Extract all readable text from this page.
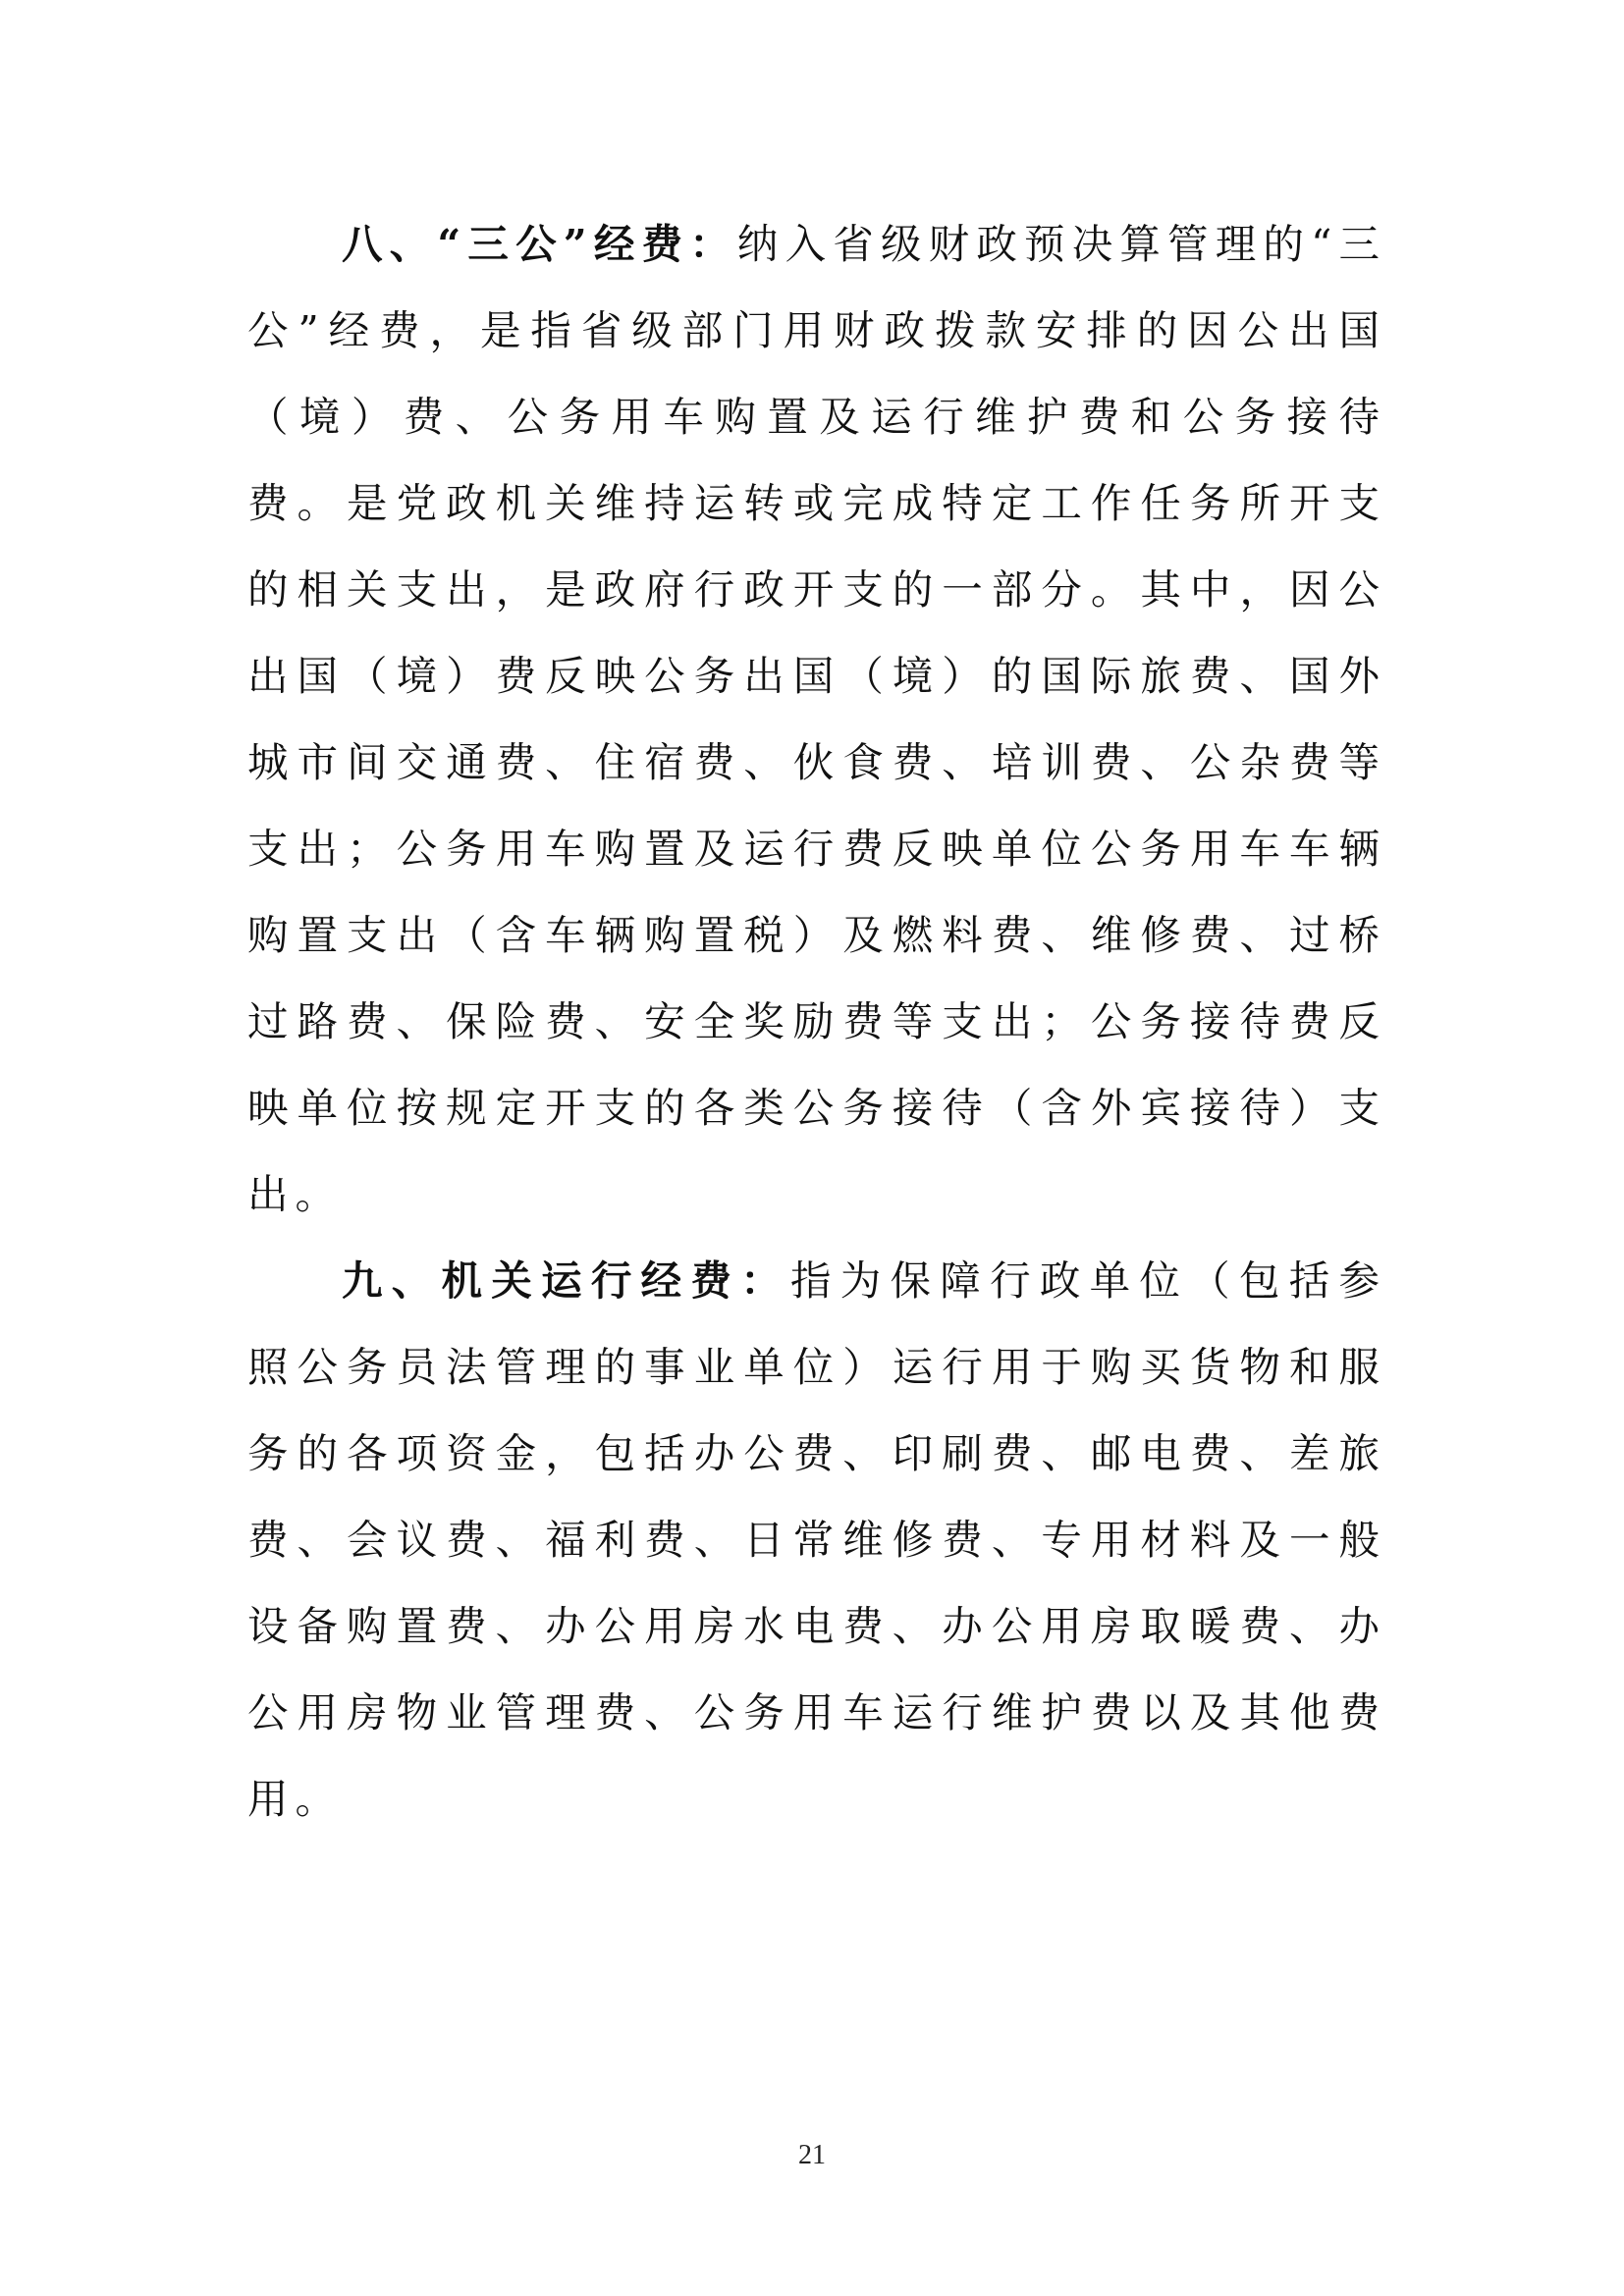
八、“三公”经费：纳入省级财政预决算管理的“三公”经费，是指省级部门用财政拨款安排的因公出国（境）费、公务用车购置及运行维护费和公务接待费。是党政机关维持运转或完成特定工作任务所开支的相关支出，是政府行政开支的一部分。其中，因公出国（境）费反映公务出国（境）的国际旅费、国外城市间交通费、住宿费、伙食费、培训费、公杂费等支出；公务用车购置及运行费反映单位公务用车车辆购置支出（含车辆购置税）及燃料费、维修费、过桥过路费、保险费、安全奖励费等支出；公务接待费反映单位按规定开支的各类公务接待（含外宾接待）支出。

九、机关运行经费：指为保障行政单位（包括参照公务员法管理的事业单位）运行用于购买货物和服务的各项资金，包括办公费、印刷费、邮电费、差旅费、会议费、福利费、日常维修费、专用材料及一般设备购置费、办公用房水电费、办公用房取暖费、办公用房物业管理费、公务用车运行维护费以及其他费用。

21
